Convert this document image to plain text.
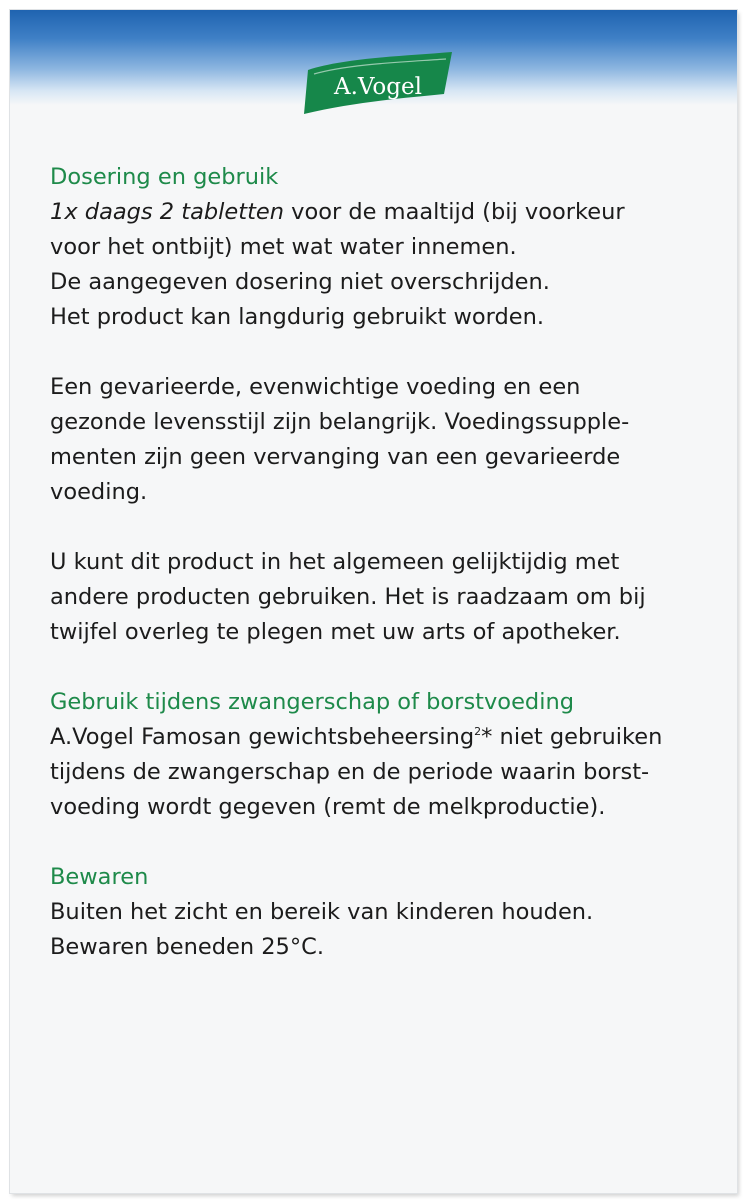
A.Vogel
Dosering en gebruik
1x daags 2 tabletten voor de maaltijd (bij voorkeur
voor het ontbijt) met wat water innemen.
De aangegeven dosering niet overschrijden.
Het product kan langdurig gebruikt worden.
Een gevarieerde, evenwichtige voeding en een
gezonde levensstijl zijn belangrijk. Voedingssupple-
menten zijn geen vervanging van een gevarieerde
voeding.
U kunt dit product in het algemeen gelijktijdig met
andere producten gebruiken. Het is raadzaam om bij
twijfel overleg te plegen met uw arts of apotheker.
Gebruik tijdens zwangerschap of borstvoeding
A.Vogel Famosan gewichtsbeheersing$^2$* niet gebruiken
tijdens de zwangerschap en de periode waarin borst-
voeding wordt gegeven (remt de melkproductie).
Bewaren
Buiten het zicht en bereik van kinderen houden.
Bewaren beneden 25°C.
